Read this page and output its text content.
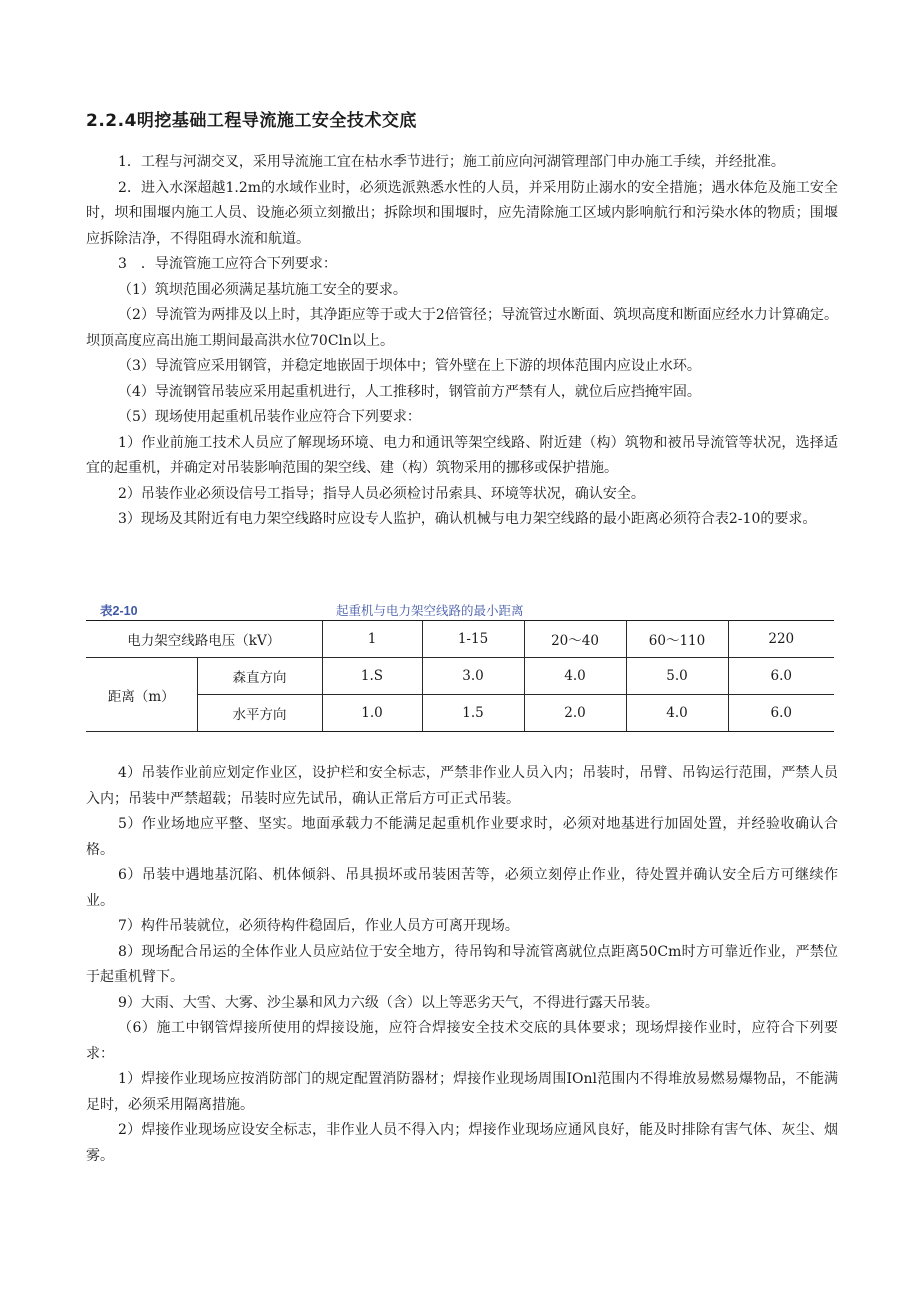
2.2.4明挖基础工程导流施工安全技术交底

1．工程与河湖交叉，采用导流施工宜在枯水季节进行；施工前应向河湖管理部门申办施工手续，并经批准。

2．进入水深超越1.2m的水域作业时，必须选派熟悉水性的人员，并采用防止溺水的安全措施；遇水体危及施工安全时，坝和围堰内施工人员、设施必须立刻撤出；拆除坝和围堰时，应先清除施工区域内影响航行和污染水体的物质；围堰应拆除洁净，不得阻碍水流和航道。

3　．导流管施工应符合下列要求：

（1）筑坝范围必须满足基坑施工安全的要求。

（2）导流管为两排及以上时，其净距应等于或大于2倍管径；导流管过水断面、筑坝高度和断面应经水力计算确定。坝顶高度应高出施工期间最高洪水位70Cln以上。

（3）导流管应采用钢管，并稳定地嵌固于坝体中；管外壁在上下游的坝体范围内应设止水环。

（4）导流钢管吊装应采用起重机进行，人工推移时，钢管前方严禁有人，就位后应挡掩牢固。

（5）现场使用起重机吊装作业应符合下列要求：

1）作业前施工技术人员应了解现场环境、电力和通讯等架空线路、附近建（构）筑物和被吊导流管等状况，选择适宜的起重机，并确定对吊装影响范围的架空线、建（构）筑物采用的挪移或保护措施。

2）吊装作业必须设信号工指导；指导人员必须检讨吊索具、环境等状况，确认安全。

3）现场及其附近有电力架空线路时应设专人监护，确认机械与电力架空线路的最小距离必须符合表2-10的要求。

表2-10	起重机与电力架空线路的最小距离
电力架空线路电压（kV）		1	1-15	20～40	60～110	220
距离（m）	森直方向	1.S	3.0	4.0	5.0	6.0
	水平方向	1.0	1.5	2.0	4.0	6.0

4）吊装作业前应划定作业区，设护栏和安全标志，严禁非作业人员入内；吊装时，吊臂、吊钩运行范围，严禁人员入内；吊装中严禁超载；吊装时应先试吊，确认正常后方可正式吊装。

5）作业场地应平整、坚实。地面承载力不能满足起重机作业要求时，必须对地基进行加固处置，并经验收确认合格。

6）吊装中遇地基沉陷、机体倾斜、吊具损坏或吊装困苦等，必须立刻停止作业，待处置并确认安全后方可继续作业。

7）构件吊装就位，必须待构件稳固后，作业人员方可离开现场。

8）现场配合吊运的全体作业人员应站位于安全地方，待吊钩和导流管离就位点距离50Cm时方可靠近作业，严禁位于起重机臂下。

9）大雨、大雪、大雾、沙尘暴和风力六级（含）以上等恶劣天气，不得进行露天吊装。

（6）施工中钢管焊接所使用的焊接设施，应符合焊接安全技术交底的具体要求；现场焊接作业时，应符合下列要求：

1）焊接作业现场应按消防部门的规定配置消防器材；焊接作业现场周围IOnl范围内不得堆放易燃易爆物品，不能满足时，必须采用隔离措施。

2）焊接作业现场应设安全标志，非作业人员不得入内；焊接作业现场应通风良好，能及时排除有害气体、灰尘、烟雾。
